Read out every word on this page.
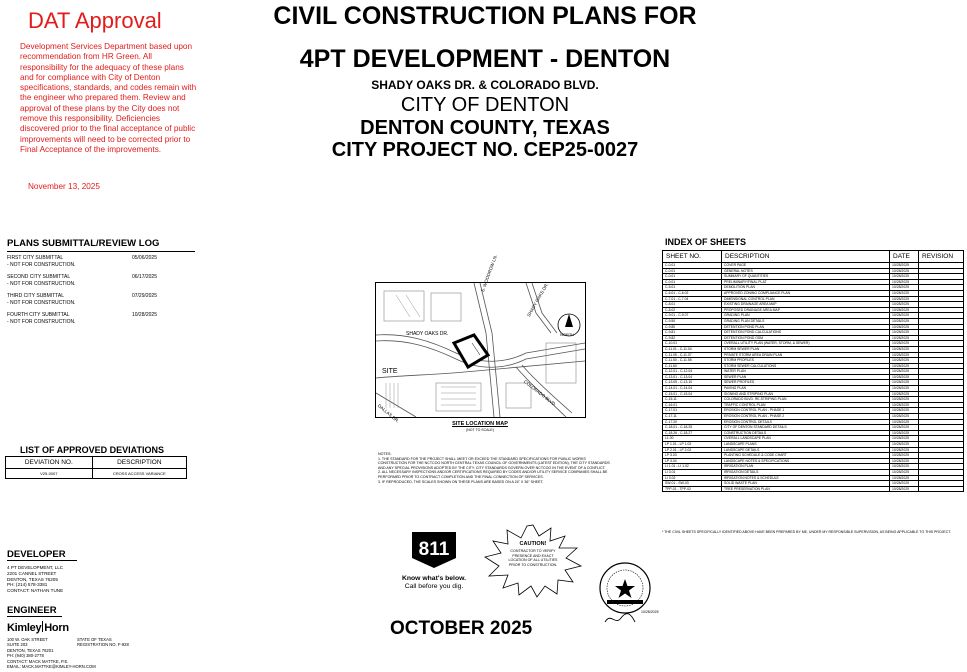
DAT Approval
Development Services Department based upon recommendation from HR Green. All responsibility for the adequacy of these plans and for compliance with City of Denton specifications, standards, and codes remain with the engineer who prepared them. Review and approval of these plans by the City does not remove this responsibility. Deficiencies discovered prior to the final acceptance of public improvements will need to be corrected prior to Final Acceptance of the improvements.
November 13, 2025
CIVIL CONSTRUCTION PLANS FOR
4PT DEVELOPMENT - DENTON
SHADY OAKS DR. & COLORADO BLVD.
CITY OF DENTON
DENTON COUNTY, TEXAS
CITY PROJECT NO. CEP25-0027
PLANS SUBMITTAL/REVIEW LOG
FIRST CITY SUBMITTAL
- NOT FOR CONSTRUCTION.
05/06/2025
SECOND CITY SUBMITTAL
- NOT FOR CONSTRUCTION.
06/17/2025
THIRD CITY SUBMITTAL
- NOT FOR CONSTRUCTION.
07/29/2025
FOURTH CITY SUBMITTAL
- NOT FOR CONSTRUCTION.
10/28/2025
LIST OF APPROVED DEVIATIONS
DEVIATION NO.	DESCRIPTION
V25-0007	CROSS ACCESS VARIANCE
INDEX OF SHEETS
SHEET NO.	DESCRIPTION	DATE	REVISION
C-0.01	COVER PAGE	10/28/2025	
C-0.01	GENERAL NOTES	10/28/2025	
C-0.01	SUMMARY OF QUANTITIES	10/28/2025	
C-0.01	PRELIMINARY/FINAL PLAT	10/28/2025	
C-5.01	DEMOLITION PLAN	10/28/2025	
C-6.01 - C-6.02	APPROVED ZONING COMPLIANCE PLAN	10/28/2025	
C-7.01 - C-7.04	DIMENSIONAL CONTROL PLAN	10/28/2025	
C-8.01	EXISTING DRAINAGE AREA MAP	10/28/2025	
C-8.02	PROPOSED DRAINAGE AREA MAP	10/28/2025	
C-9.01 - C-9.07	GRADING PLAN	10/28/2025	
C-9.50	GRADING PLAN DETAILS	10/28/2025	
C-9.80	DETENTION POND PLAN	10/28/2025	
C-9.81	DETENTION POND CALCULATIONS	10/28/2025	
C-9.82	DETENTION POND OSM	10/28/2025	
C-10.01	OVERALL UTILITY PLAN (WATER, STORM, & SEWER)	10/28/2025	
C-11.01 - C-11.04	STORM SEWER PLAN	10/28/2025	
C-11.05 - C-11.07	PRIVATE STORM AREA DRAIN PLAN	10/28/2025	
C-11.50 - C-11.55	STORM PROFILES	10/28/2025	
C-11.60	STORM SEWER CALCULATIONS	10/28/2025	
C-12.01 - C-12.04	WATER PLAN	10/28/2025	
C-13.01 - C-13.04	SEWER PLAN	10/28/2025	
C-13.05 - C-13.10	SEWER PROFILES	10/28/2025	
C-14.01 - C-14.04	PAVING PLAN	10/28/2025	
C-15.01 - C-15.04	SIGNING AND STRIPING PLAN	10/28/2025	
C-15.11	COLORADO BLVD. RE-STRIPING PLAN	10/28/2025	
C-16.01	TRAFFIC CONTROL PLAN	10/28/2025	
C-17.01	EROSION CONTROL PLAN - PHASE 1	10/28/2025	
C-17.11	EROSION CONTROL PLAN - PHASE 2	10/28/2025	
C-17.20	EROSION CONTROL DETAILS	10/28/2025	
C-18.01 - C-18.25	CITY OF DENTON STANDARD DETAILS	10/28/2025	
C-18.26 - C-18.27	CONSTRUCTION DETAILS	10/28/2025	
L1.00	OVERALL LANDSCAPE PLAN	10/28/2025	
LP 1.01 - LP 1.02	LANDSCAPE PLANS	10/28/2025	
LP 2.01 - LP 2.02	LANDSCAPE DETAILS	10/28/2025	
LP 3.03	PLANTING SCHEDULE & CODE CHART	10/28/2025	
LP 3.04	LANDSCAPE NOTES & SPECIFICATIONS	10/28/2025	
LI 1.01 - LI 1.02	IRRIGATION PLAN	10/28/2025	
LI 3.01	IRRIGATION DETAILS	10/28/2025	
LI 3.02	IRRIGATION NOTES & SCHEDULE	10/28/2025	
SW-01 - SW-03	SOLID WASTE PLAN	10/28/2025	
TPP-01 - TPP-02	TREE PRESERVATION PLAN	10/28/2025	
* THE CIVIL SHEETS SPECIFICALLY IDENTIFIED ABOVE HAVE BEEN PREPARED BY ME, UNDER MY RESPONSIBLE SUPERVISION, AS BEING APPLICABLE TO THIS PROJECT.
SITE
SHADY OAKS DR.
S. WOODROW LN.
SHADY OAKS DR.
COLORADO BLVD.
DALLAS DR.
NORTH
SITE LOCATION MAP
(NOT TO SCALE)
NOTES:
1. THE STANDARD FOR THE PROJECT SHALL MEET OR EXCEED THE STANDARD SPECIFICATIONS FOR PUBLIC WORKS CONSTRUCTION FOR THE NCTCOG NORTH CENTRAL TEXAS COUNCIL OF GOVERNMENTS (LATEST EDITION), THE CITY STANDARDS AND ANY SPECIAL PROVISIONS ADOPTED BY THE CITY. CITY STANDARDS GOVERN OVER NCTCOG IN THE EVENT OF A CONFLICT.
2. ALL NECESSARY INSPECTIONS AND/OR CERTIFICATIONS REQUIRED BY CODES AND/OR UTILITY SERVICE COMPANIES SHALL BE PERFORMED PRIOR TO CONTRACT COMPLETION AND THE FINAL CONNECTION OF SERVICES.
3. IF REPRODUCED, THE SCALES SHOWN ON THESE PLANS ARE BASED ON A 24" X 36" SHEET.
811
Know what's below.
Call before you dig.
CAUTION!
CONTRACTOR TO VERIFY PRESENCE AND EXACT LOCATION OF ALL UTILITIES PRIOR TO CONSTRUCTION.
10/28/2025
DEVELOPER
4 PT DEVELOPMENT, LLC
2201 CANNEL STREET
DENTON, TEXAS 76205
PH: (214) 578-3381
CONTACT: NATHAN TUNE
ENGINEER
Kimley Horn
100 W. OAK STREET
SUITE 203
DENTON, TEXAS 76201
PH: (940) 380-2778
CONTACT: MACK MATTKE, P.E.
EMAIL: MACK.MATTKE@KIMLEY-HORN.COM
STATE OF TEXAS
REGISTRATION NO. F-928
OCTOBER 2025
